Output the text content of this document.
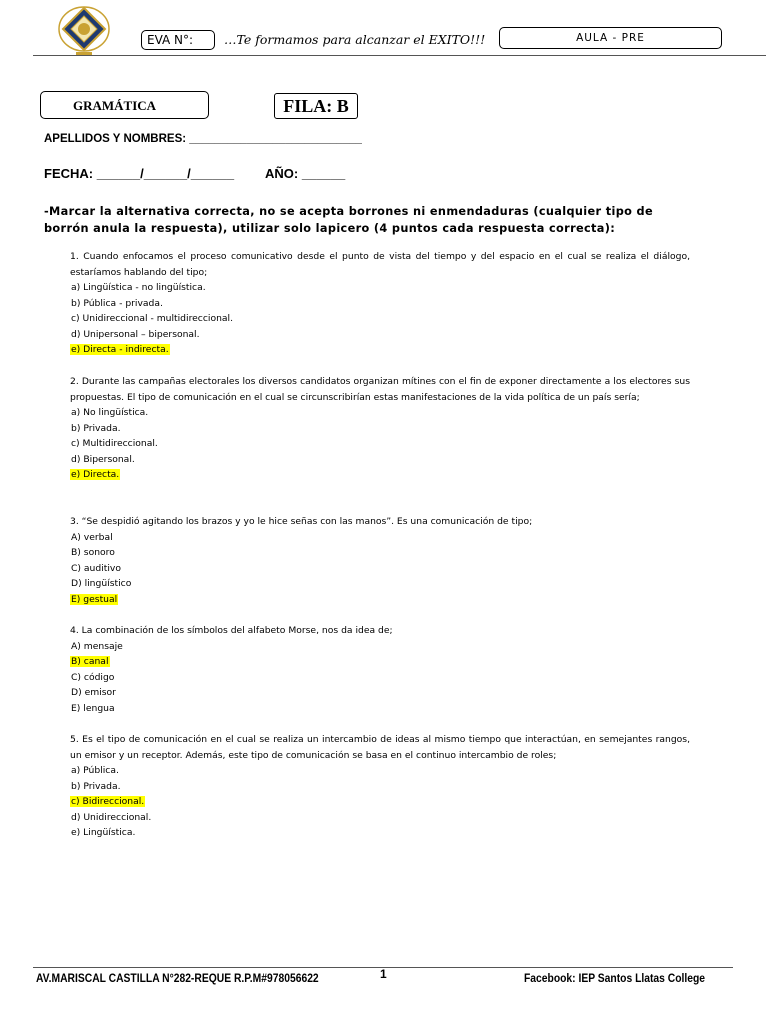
EVA N°:	…Te formamos para alcanzar el EXITO!!!	AULA - PRE
GRAMÁTICA	FILA: B
APELLIDOS Y NOMBRES: ___________________________
FECHA: ______/______/______ AÑO: ______
-Marcar la alternativa correcta, no se acepta borrones ni enmendaduras (cualquier tipo de borrón anula la respuesta), utilizar solo lapicero (4 puntos cada respuesta correcta):
1. Cuando enfocamos el proceso comunicativo desde el punto de vista del tiempo y del espacio en el cual se realiza el diálogo, estaríamos hablando del tipo;
a) Lingüística - no lingüística.
b) Pública - privada.
c) Unidireccional - multidireccional.
d) Unipersonal – bipersonal.
e) Directa - indirecta.
2. Durante las campañas electorales los diversos candidatos organizan mítines con el fin de exponer directamente a los electores sus propuestas. El tipo de comunicación en el cual se circunscribirían estas manifestaciones de la vida política de un país sería;
a) No lingüística.
b) Privada.
c) Multidireccional.
d) Bipersonal.
e) Directa.
3. “Se despidió agitando los brazos y yo le hice señas con las manos”. Es una comunicación de tipo;
A) verbal
B) sonoro
C) auditivo
D) lingüístico
E) gestual
4. La combinación de los símbolos del alfabeto Morse, nos da idea de;
A) mensaje
B) canal
C) código
D) emisor
E) lengua
5. Es el tipo de comunicación en el cual se realiza un intercambio de ideas al mismo tiempo que interactúan, en semejantes rangos, un emisor y un receptor. Además, este tipo de comunicación se basa en el continuo intercambio de roles;
a) Pública.
b) Privada.
c) Bidireccional.
d) Unidireccional.
e) Lingüística.
AV.MARISCAL CASTILLA N°282-REQUE R.P.M#978056622	1	Facebook: IEP Santos Llatas College
